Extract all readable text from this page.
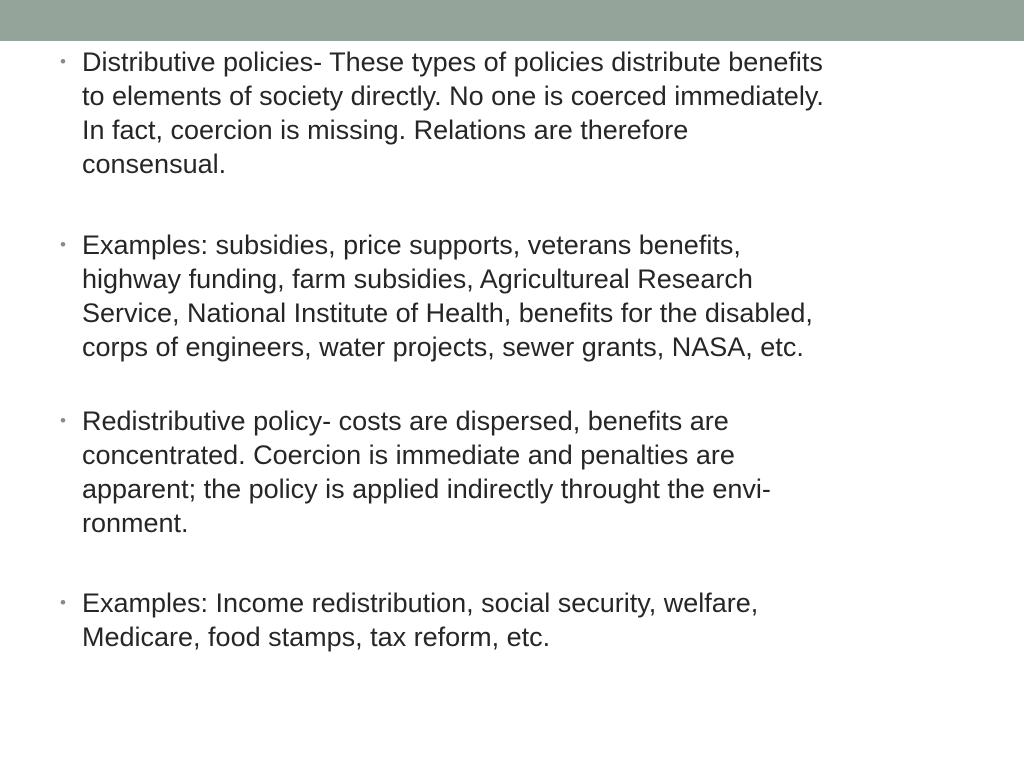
• Distributive policies- These types of policies distribute benefits
to elements of society directly. No one is coerced immediately.
In fact, coercion is missing. Relations are therefore
consensual.
• Examples: subsidies, price supports, veterans benefits,
highway funding, farm subsidies, Agricultureal Research
Service, National Institute of Health, benefits for the disabled,
corps of engineers, water projects, sewer grants, NASA, etc.
• Redistributive policy- costs are dispersed, benefits are
concentrated. Coercion is immediate and penalties are
apparent; the policy is applied indirectly throught the envi-
ronment.
• Examples: Income redistribution, social security, welfare,
Medicare, food stamps, tax reform, etc.
